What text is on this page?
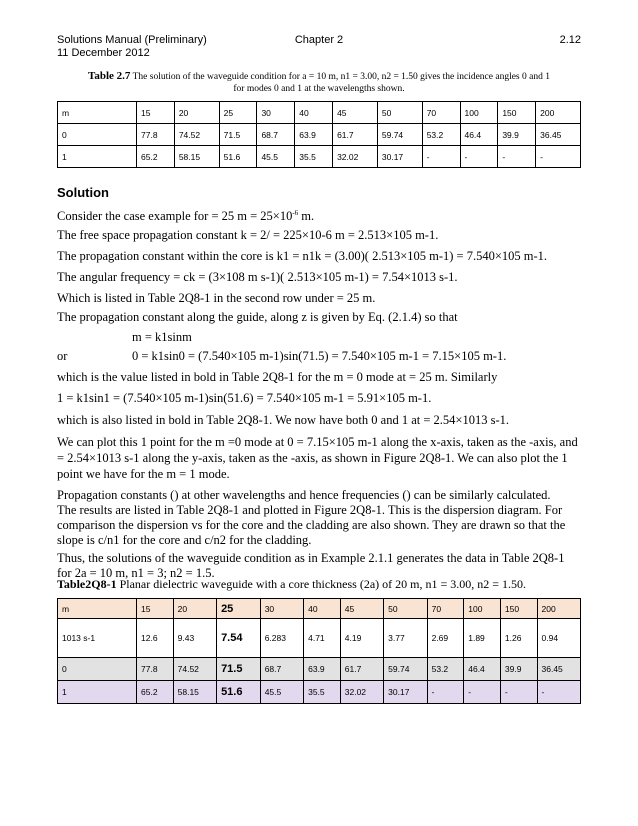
Solutions Manual (Preliminary)	Chapter 2	2.12
11 December 2012
Table 2.7 The solution of the waveguide condition for a = 10 m, n1 = 3.00, n2 = 1.50 gives the incidence angles 0 and 1
for modes 0 and 1 at the wavelengths shown.
m	15	20	25	30	40	45	50	70	100	150	200
0	77.8	74.52	71.5	68.7	63.9	61.7	59.74	53.2	46.4	39.9	36.45
1	65.2	58.15	51.6	45.5	35.5	32.02	30.17	-	-	-	-
Solution
Consider the case example for = 25 $m = 25\times 10^{-6}$ m.
The free space propagation constant k = 2/ = 225×10-6 m = 2.513×105 m-1.
The propagation constant within the core is k1 = n1k = (3.00)( 2.513×105 m-1) = 7.540×105 m-1.
The angular frequency = ck = (3×108 m s-1)( 2.513×105 m-1) = 7.54×1013 s-1.
Which is listed in Table 2Q8-1 in the second row under = 25 m.
The propagation constant along the guide, along z is given by Eq. (2.1.4) so that
m = k1sinm
or	0 = k1sin0 = (7.540×105 m-1)sin(71.5) = 7.540×105 m-1 = 7.15×105 m-1.
which is the value listed in bold in Table 2Q8-1 for the m = 0 mode at = 25 m. Similarly
1 = k1sin1 = (7.540×105 m-1)sin(51.6) = 7.540×105 m-1 = 5.91×105 m-1.
which is also listed in bold in Table 2Q8-1. We now have both 0 and 1 at = 2.54×1013 s-1.
We can plot this 1 point for the m =0 mode at 0 = 7.15×105 m-1 along the x-axis, taken as the -axis, and
= 2.54×1013 s-1 along the y-axis, taken as the -axis, as shown in Figure 2Q8-1. We can also plot the 1
point we have for the m = 1 mode.
Propagation constants () at other wavelengths and hence frequencies () can be similarly calculated.
The results are listed in Table 2Q8-1 and plotted in Figure 2Q8-1. This is the dispersion diagram. For
comparison the dispersion vs for the core and the cladding are also shown. They are drawn so that the
slope is c/n1 for the core and c/n2 for the cladding.
Thus, the solutions of the waveguide condition as in Example 2.1.1 generates the data in Table 2Q8-1
for 2a = 10 m, n1 = 3; n2 = 1.5.
Table2Q8-1 Planar dielectric waveguide with a core thickness (2a) of 20 m, n1 = 3.00, n2 = 1.50.
m	15	20	25	30	40	45	50	70	100	150	200
1013 s-1	12.6	9.43	7.54	6.283	4.71	4.19	3.77	2.69	1.89	1.26	0.94
0	77.8	74.52	71.5	68.7	63.9	61.7	59.74	53.2	46.4	39.9	36.45
1	65.2	58.15	51.6	45.5	35.5	32.02	30.17	-	-	-	-
